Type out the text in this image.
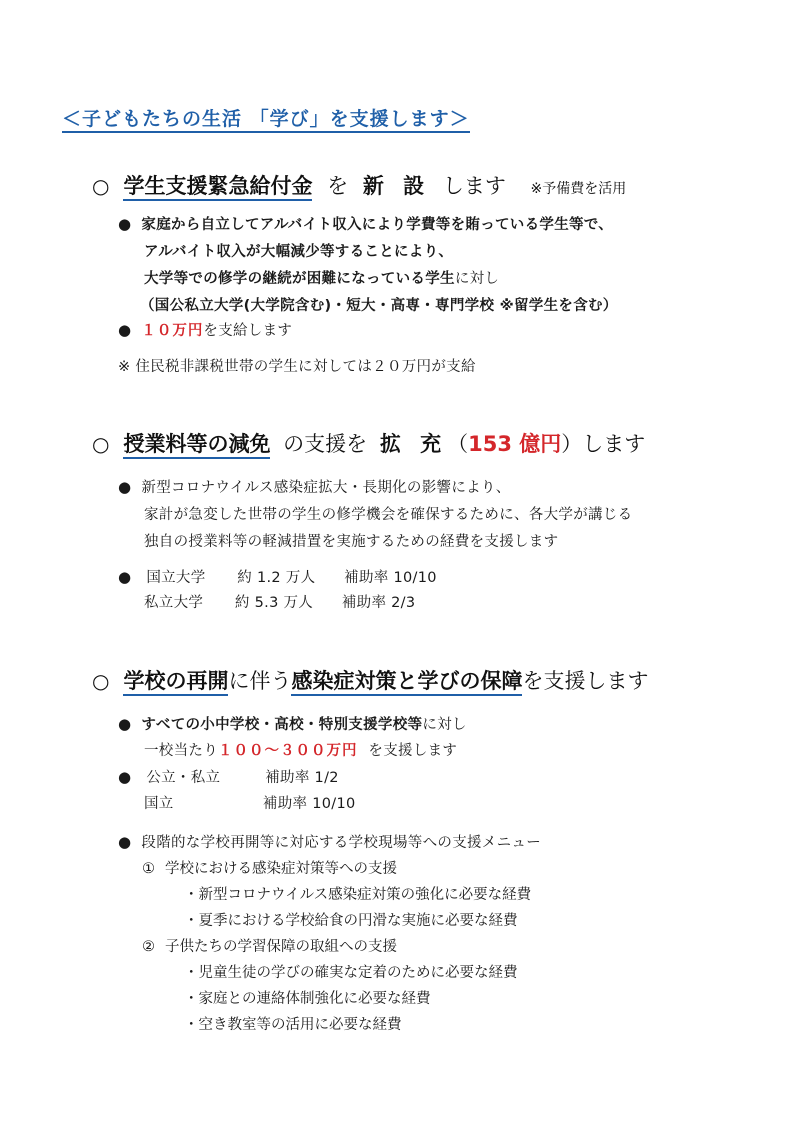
＜子どもたちの生活 「学び」を支援します＞
○ 学生支援緊急給付金 を 新 設 します ※予備費を活用
● 家庭から自立してアルバイト収入により学費等を賄っている学生等で、
アルバイト収入が大幅減少等することにより、
大学等での修学の継続が困難になっている学生に対し
（国公私立大学(大学院含む)・短大・高専・専門学校 ※留学生を含む）
● １０万円を支給します
※ 住民税非課税世帯の学生に対しては２０万円が支給
○ 授業料等の減免 の支援を 拡 充（153 億円）します
● 新型コロナウイルス感染症拡大・長期化の影響により、
家計が急変した世帯の学生の修学機会を確保するために、各大学が講じる
独自の授業料等の軽減措置を実施するための経費を支援します
● 国立大学 約 1.2 万人 補助率 10/10
私立大学 約 5.3 万人 補助率 2/3
○ 学校の再開に伴う感染症対策と学びの保障を支援します
● すべての小中学校・高校・特別支援学校等に対し
一校当たり１００～３００万円 を支援します
● 公立・私立	補助率 1/2
国立	補助率 10/10
● 段階的な学校再開等に対応する学校現場等への支援メニュー
① 学校における感染症対策等への支援
・新型コロナウイルス感染症対策の強化に必要な経費
・夏季における学校給食の円滑な実施に必要な経費
② 子供たちの学習保障の取組への支援
・児童生徒の学びの確実な定着のために必要な経費
・家庭との連絡体制強化に必要な経費
・空き教室等の活用に必要な経費
